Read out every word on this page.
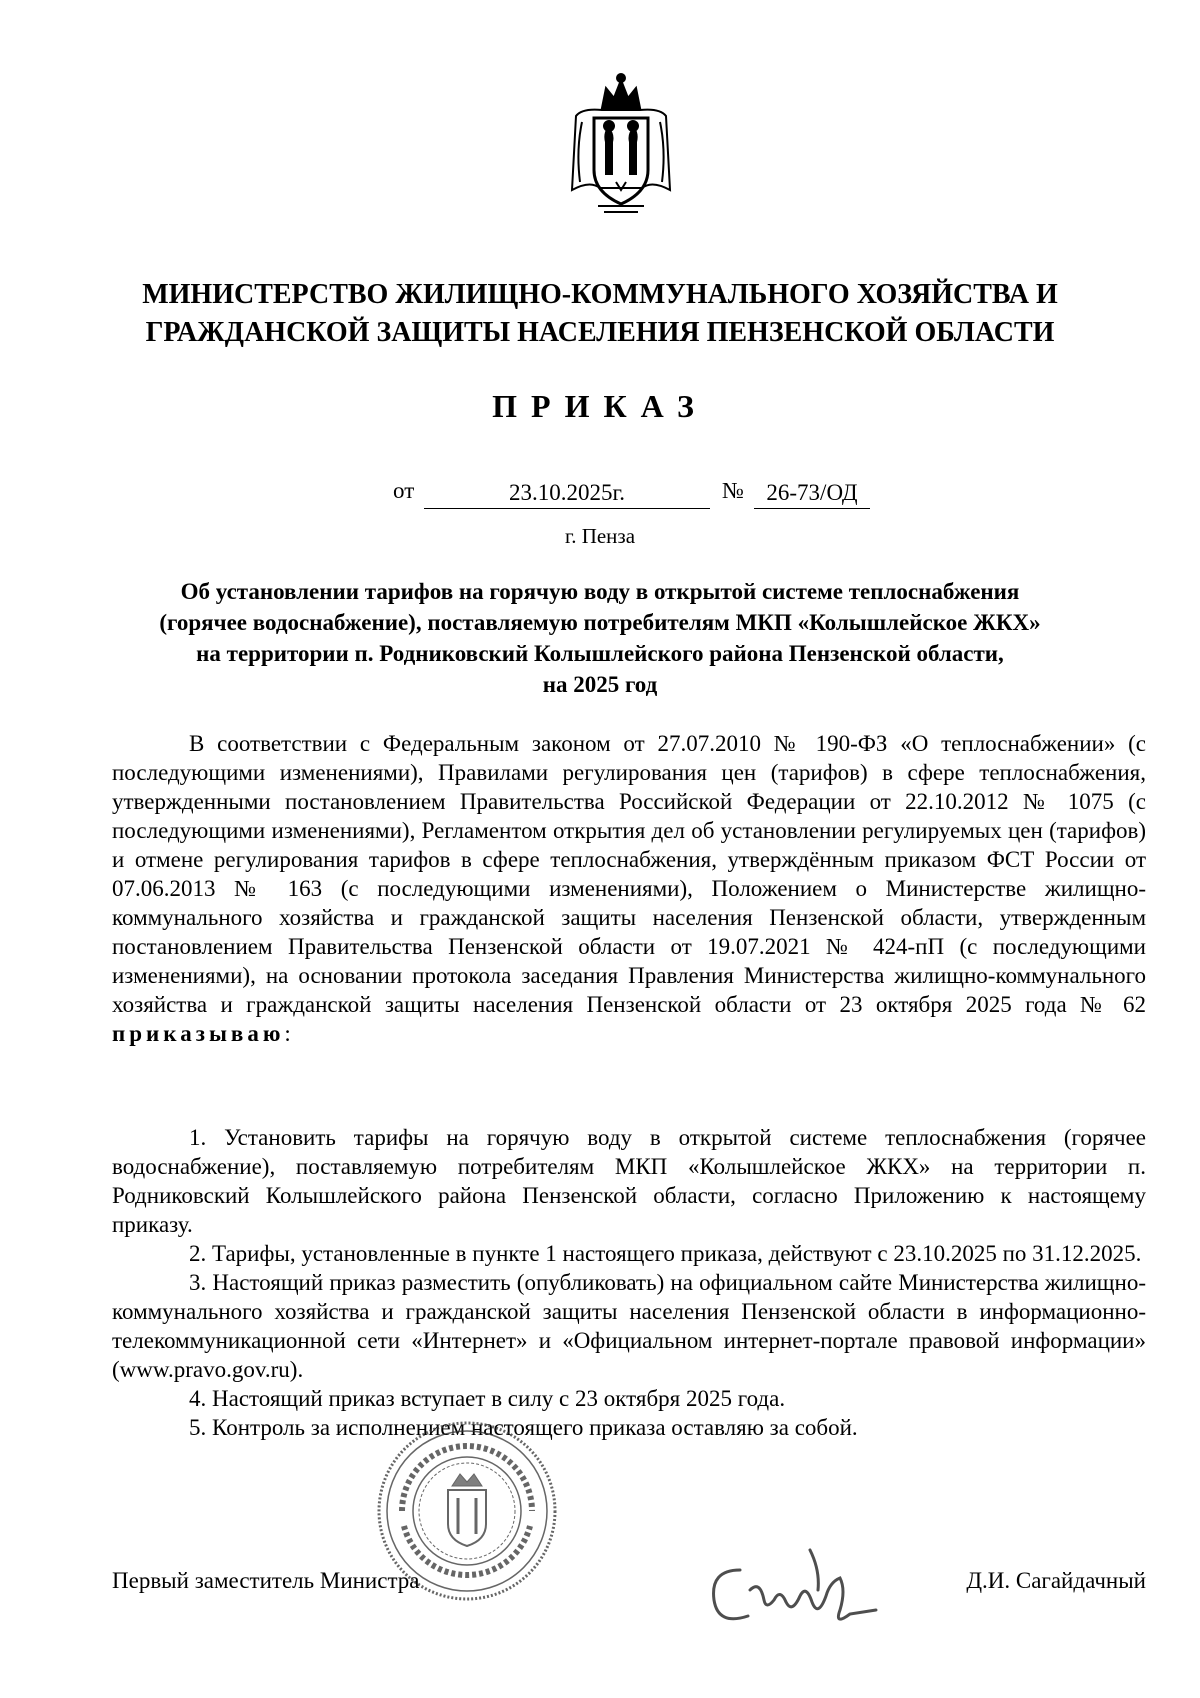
МИНИСТЕРСТВО ЖИЛИЩНО-КОММУНАЛЬНОГО ХОЗЯЙСТВА И
ГРАЖДАНСКОЙ ЗАЩИТЫ НАСЕЛЕНИЯ ПЕНЗЕНСКОЙ ОБЛАСТИ
ПРИКАЗ
от	23.10.2025г.	№ 26-73/ОД
г. Пенза
Об установлении тарифов на горячую воду в открытой системе теплоснабжения
(горячее водоснабжение), поставляемую потребителям МКП «Колышлейское ЖКХ»
на территории п. Родниковский Колышлейского района Пензенской области,
на 2025 год

В соответствии с Федеральным законом от 27.07.2010 № 190-ФЗ «О теплоснабжении» (с последующими изменениями), Правилами регулирования цен (тарифов) в сфере теплоснабжения, утвержденными постановлением Правительства Российской Федерации от 22.10.2012 № 1075 (с последующими изменениями), Регламентом открытия дел об установлении регулируемых цен (тарифов) и отмене регулирования тарифов в сфере теплоснабжения, утверждённым приказом ФСТ России от 07.06.2013 № 163 (с последующими изменениями), Положением о Министерстве жилищно-коммунального хозяйства и гражданской защиты населения Пензенской области, утвержденным постановлением Правительства Пензенской области от 19.07.2021 № 424-пП (с последующими изменениями), на основании протокола заседания Правления Министерства жилищно-коммунального хозяйства и гражданской защиты населения Пензенской области от 23 октября 2025 года № 62 приказываю:

1. Установить тарифы на горячую воду в открытой системе теплоснабжения (горячее водоснабжение), поставляемую потребителям МКП «Колышлейское ЖКХ» на территории п. Родниковский Колышлейского района Пензенской области, согласно Приложению к настоящему приказу.

2. Тарифы, установленные в пункте 1 настоящего приказа, действуют с 23.10.2025 по 31.12.2025.

3. Настоящий приказ разместить (опубликовать) на официальном сайте Министерства жилищно-коммунального хозяйства и гражданской защиты населения Пензенской области в информационно-телекоммуникационной сети «Интернет» и «Официальном интернет-портале правовой информации» (www.pravo.gov.ru).

4. Настоящий приказ вступает в силу с 23 октября 2025 года.

5. Контроль за исполнением настоящего приказа оставляю за собой.

Первый заместитель Министра	Д.И. Сагайдачный
